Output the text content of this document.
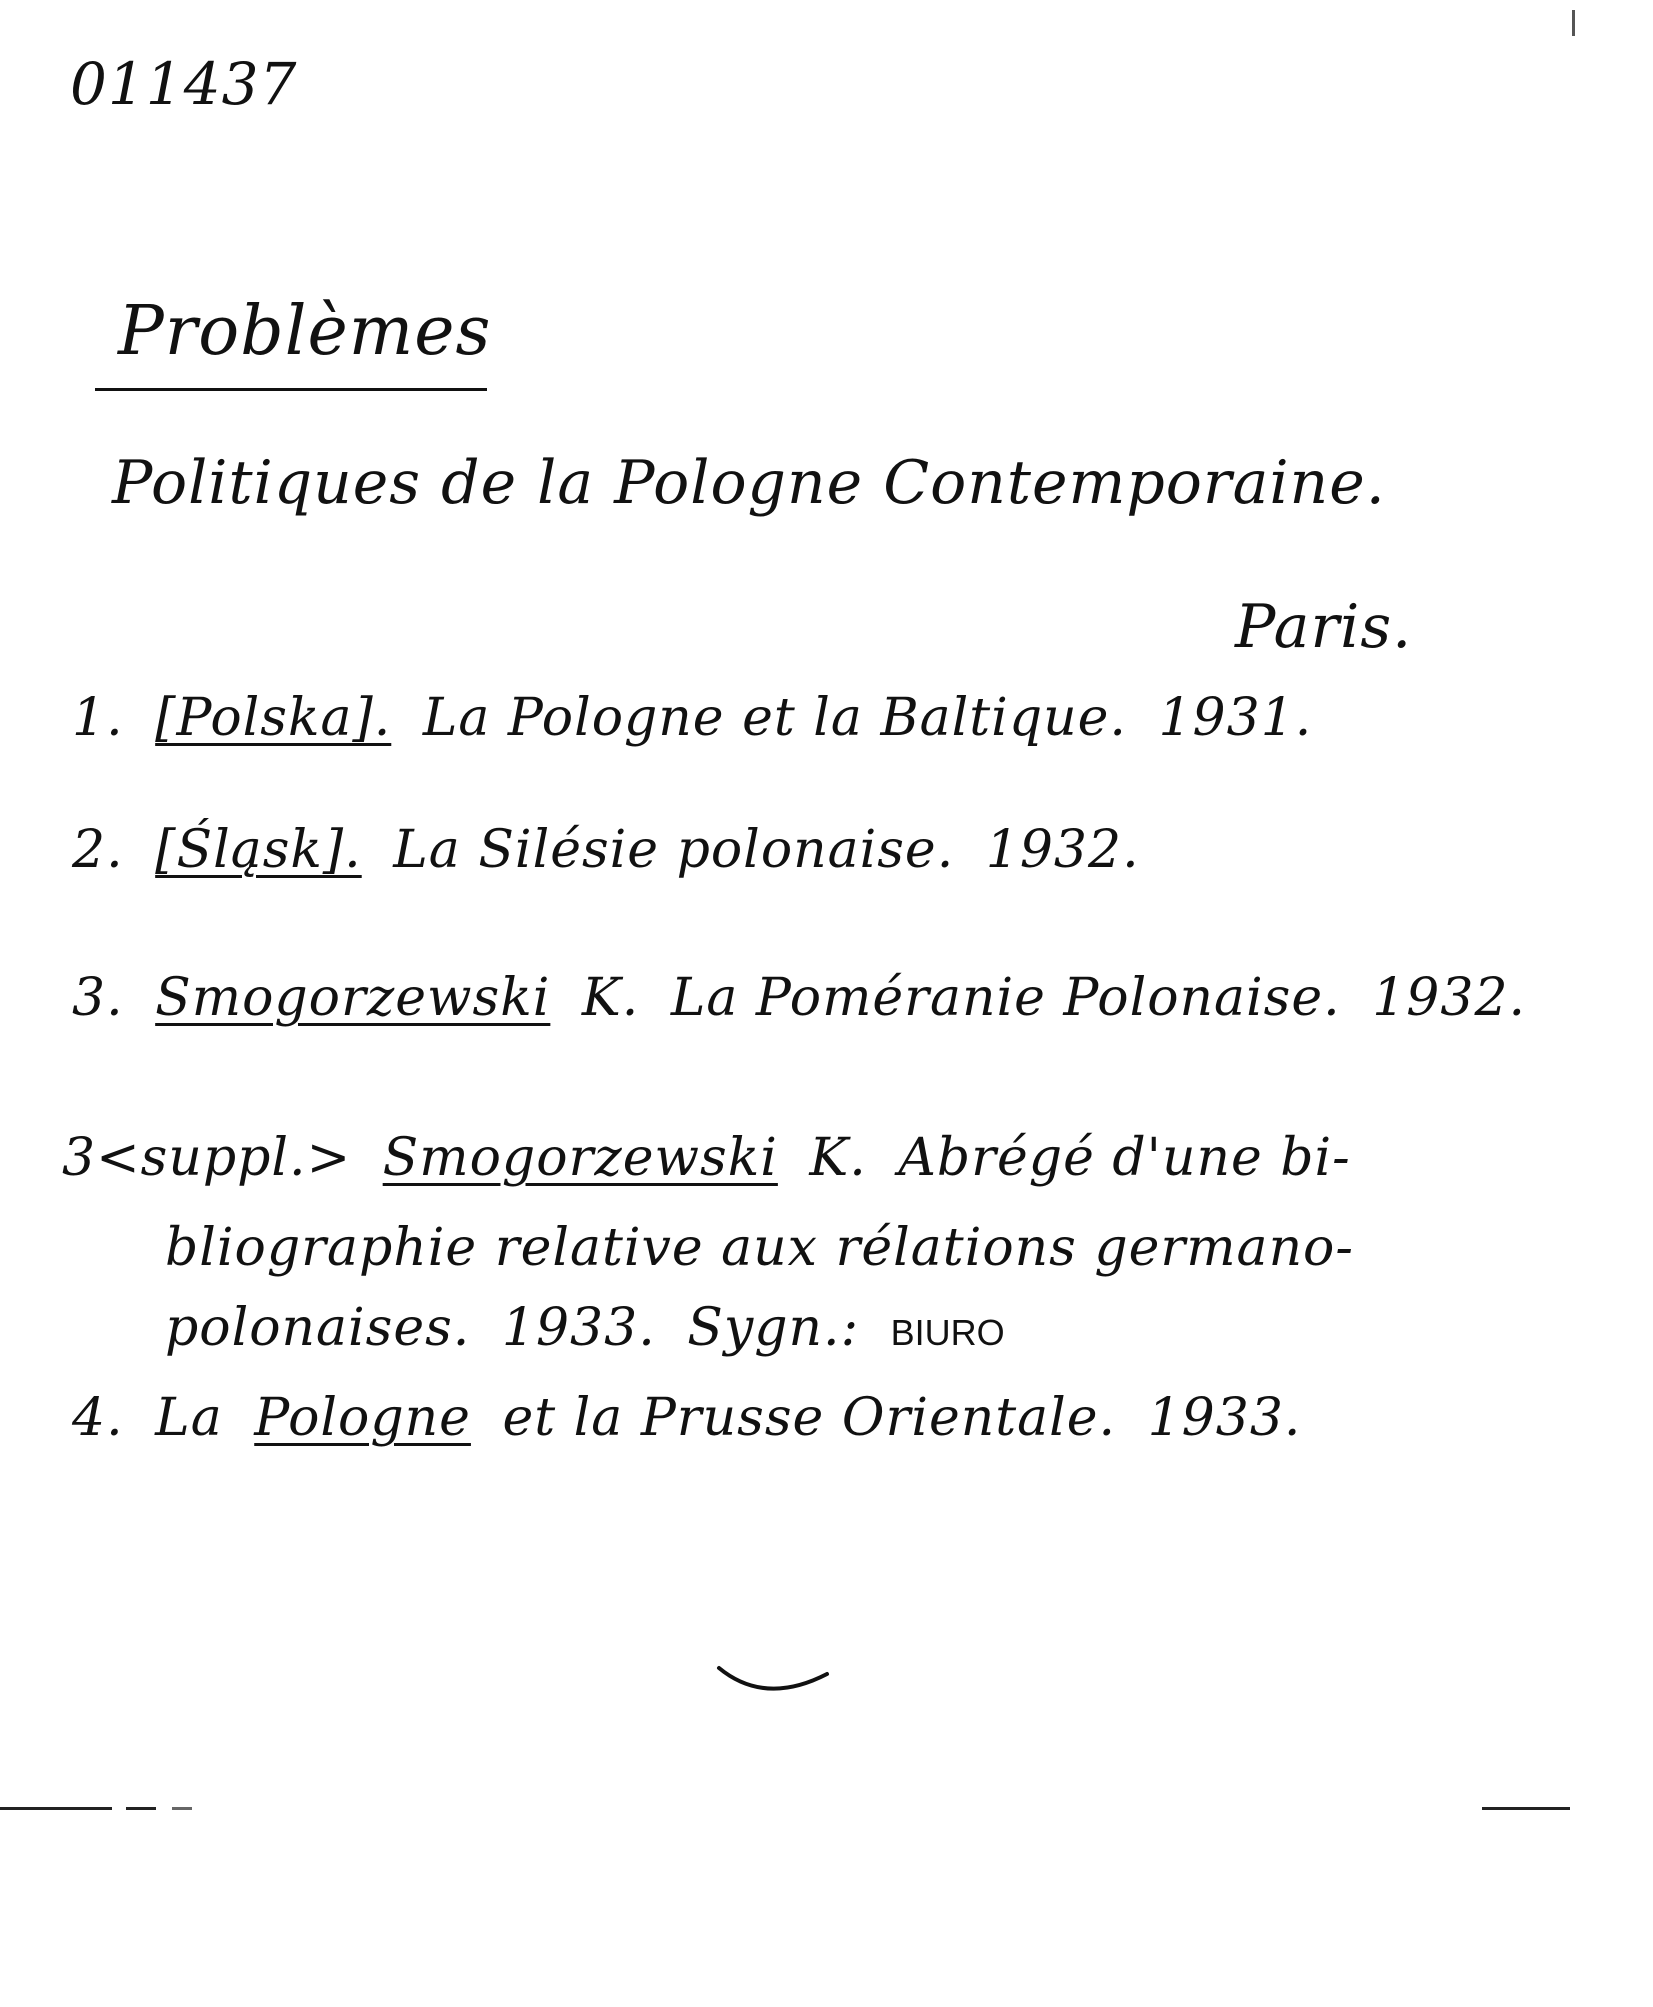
011437
Problèmes
Politiques de la Pologne Contemporaine.
Paris.
1. [Polska]. La Pologne et la Baltique. 1931.
2. [Śląsk]. La Silésie polonaise. 1932.
3. Smogorzewski K. La Poméranie Polonaise. 1932.
3<suppl.> Smogorzewski K. Abrégé d'une bi-
bliographie relative aux rélations germano-
polonaises. 1933. Sygn.: BIURO
4. La Pologne et la Prusse Orientale. 1933.
